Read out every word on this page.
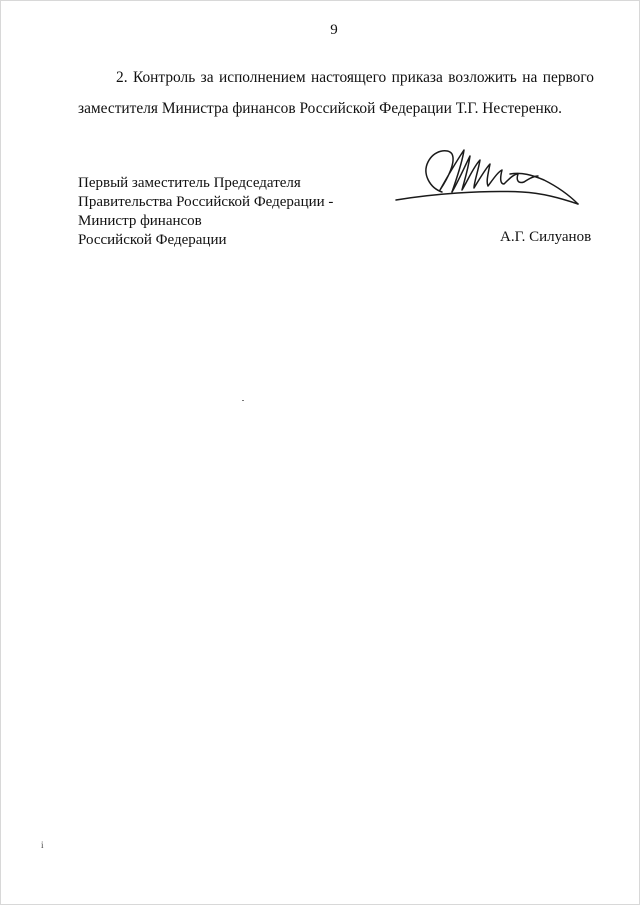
9

2. Контроль за исполнением настоящего приказа возложить на первого заместителя Министра финансов Российской Федерации Т.Г. Нестеренко.

Первый заместитель Председателя
Правительства Российской Федерации -
Министр финансов
Российской Федерации	А.Г. Силуанов
i
